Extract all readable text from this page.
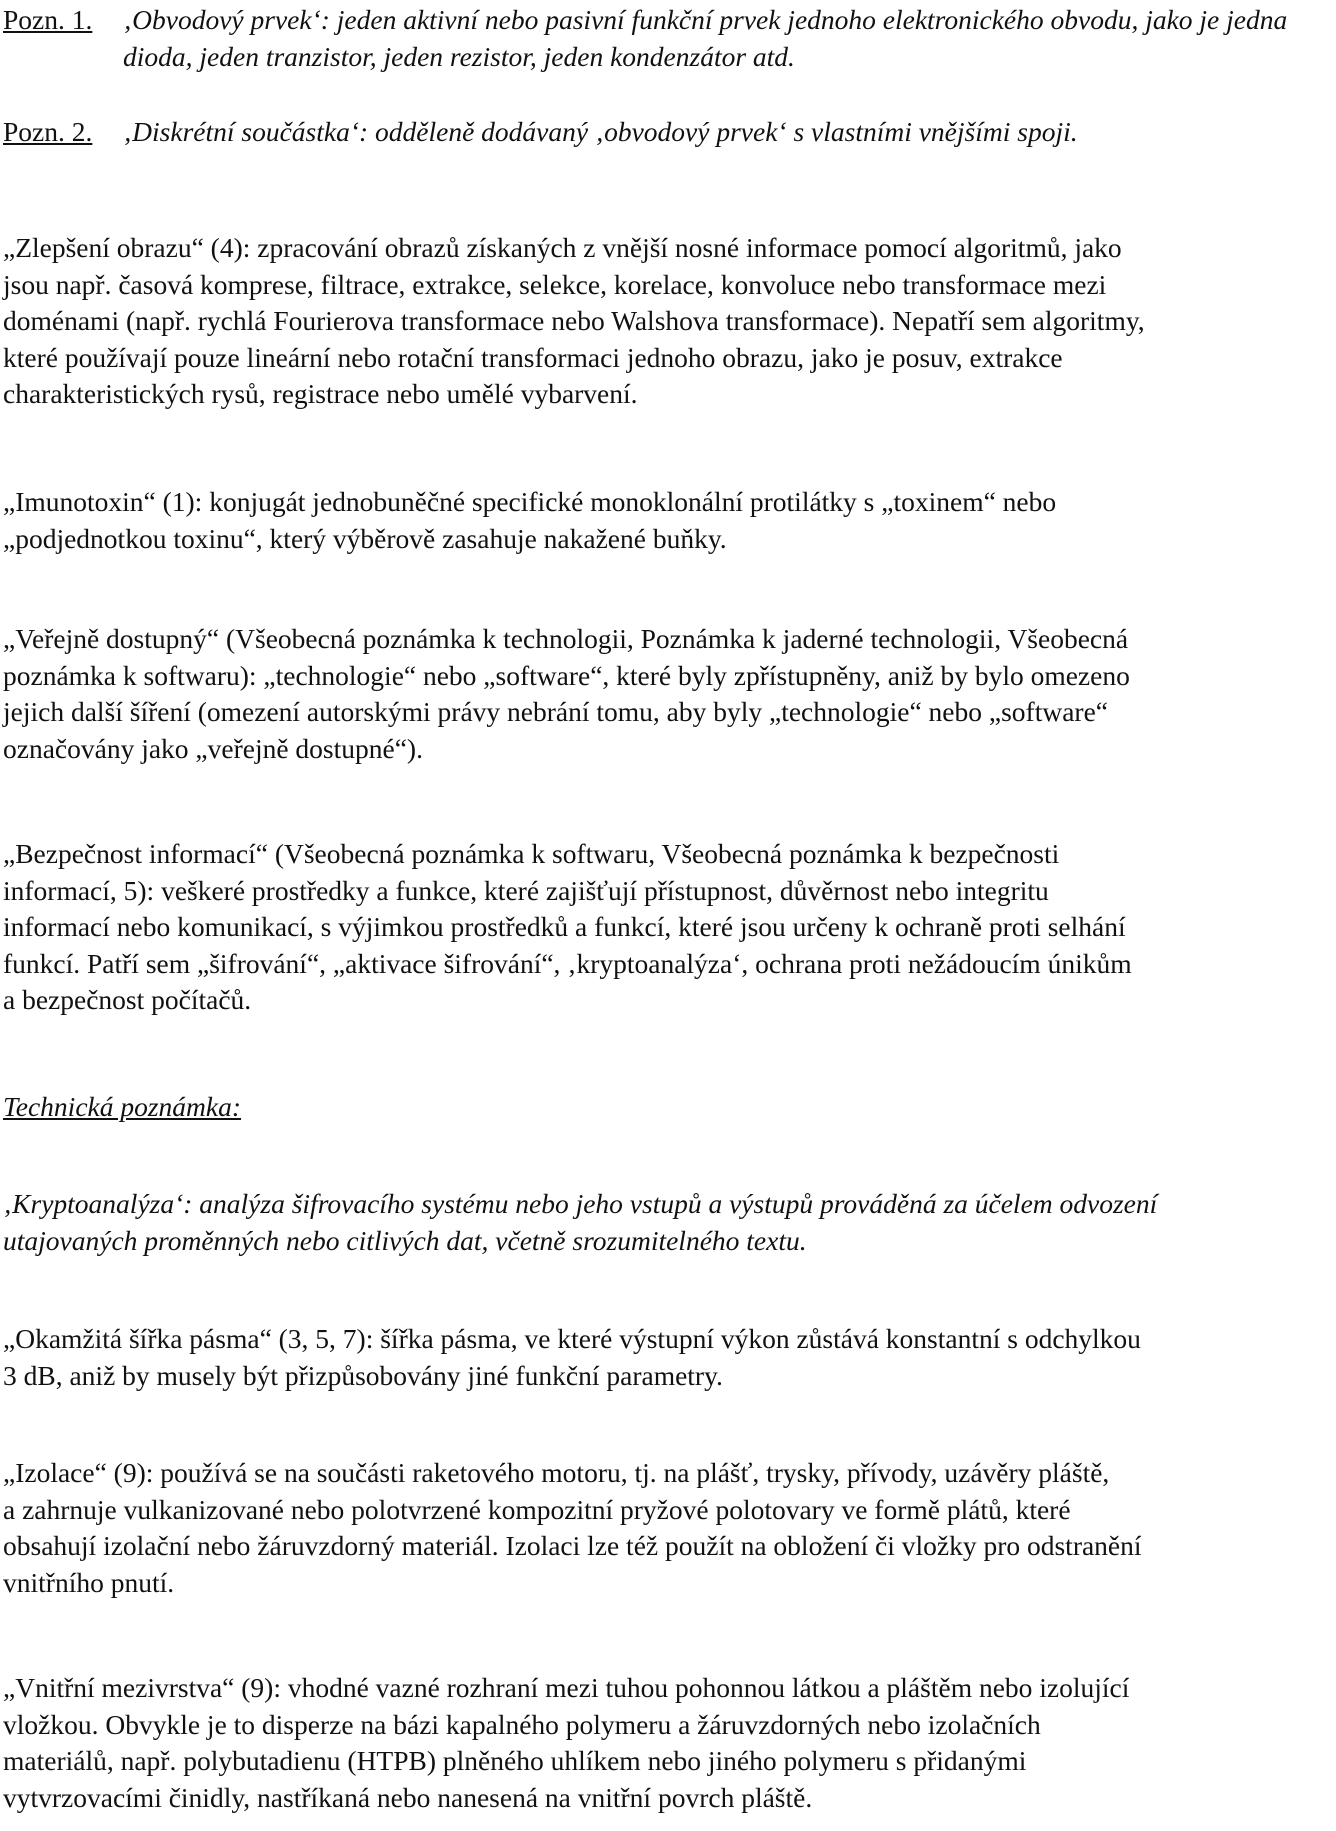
Pozn. 1. ‚Obvodový prvek‘: jeden aktivní nebo pasivní funkční prvek jednoho elektronického obvodu, jako je jedna
dioda, jeden tranzistor, jeden rezistor, jeden kondenzátor atd.
Pozn. 2. ‚Diskrétní součástka‘: odděleně dodávaný ‚obvodový prvek‘ s vlastními vnějšími spoji.
„Zlepšení obrazu“ (4): zpracování obrazů získaných z vnější nosné informace pomocí algoritmů, jako
jsou např. časová komprese, filtrace, extrakce, selekce, korelace, konvoluce nebo transformace mezi
doménami (např. rychlá Fourierova transformace nebo Walshova transformace). Nepatří sem algoritmy,
které používají pouze lineární nebo rotační transformaci jednoho obrazu, jako je posuv, extrakce
charakteristických rysů, registrace nebo umělé vybarvení.
„Imunotoxin“ (1): konjugát jednobuněčné specifické monoklonální protilátky s „toxinem“ nebo
„podjednotkou toxinu“, který výběrově zasahuje nakažené buňky.
„Veřejně dostupný“ (Všeobecná poznámka k technologii, Poznámka k jaderné technologii, Všeobecná
poznámka k softwaru): „technologie“ nebo „software“, které byly zpřístupněny, aniž by bylo omezeno
jejich další šíření (omezení autorskými právy nebrání tomu, aby byly „technologie“ nebo „software“
označovány jako „veřejně dostupné“).
„Bezpečnost informací“ (Všeobecná poznámka k softwaru, Všeobecná poznámka k bezpečnosti
informací, 5): veškeré prostředky a funkce, které zajišťují přístupnost, důvěrnost nebo integritu
informací nebo komunikací, s výjimkou prostředků a funkcí, které jsou určeny k ochraně proti selhání
funkcí. Patří sem „šifrování“, „aktivace šifrování“, ‚kryptoanalýza‘, ochrana proti nežádoucím únikům
a bezpečnost počítačů.
Technická poznámka:
‚Kryptoanalýza‘: analýza šifrovacího systému nebo jeho vstupů a výstupů prováděná za účelem odvození
utajovaných proměnných nebo citlivých dat, včetně srozumitelného textu.
„Okamžitá šířka pásma“ (3, 5, 7): šířka pásma, ve které výstupní výkon zůstává konstantní s odchylkou
3 dB, aniž by musely být přizpůsobovány jiné funkční parametry.
„Izolace“ (9): používá se na součásti raketového motoru, tj. na plášť, trysky, přívody, uzávěry pláště,
a zahrnuje vulkanizované nebo polotvrzené kompozitní pryžové polotovary ve formě plátů, které
obsahují izolační nebo žáruvzdorný materiál. Izolaci lze též použít na obložení či vložky pro odstranění
vnitřního pnutí.
„Vnitřní mezivrstva“ (9): vhodné vazné rozhraní mezi tuhou pohonnou látkou a pláštěm nebo izolující
vložkou. Obvykle je to disperze na bázi kapalného polymeru a žáruvzdorných nebo izolačních
materiálů, např. polybutadienu (HTPB) plněného uhlíkem nebo jiného polymeru s přidanými
vytvrzovacími činidly, nastříkaná nebo nanesená na vnitřní povrch pláště.
